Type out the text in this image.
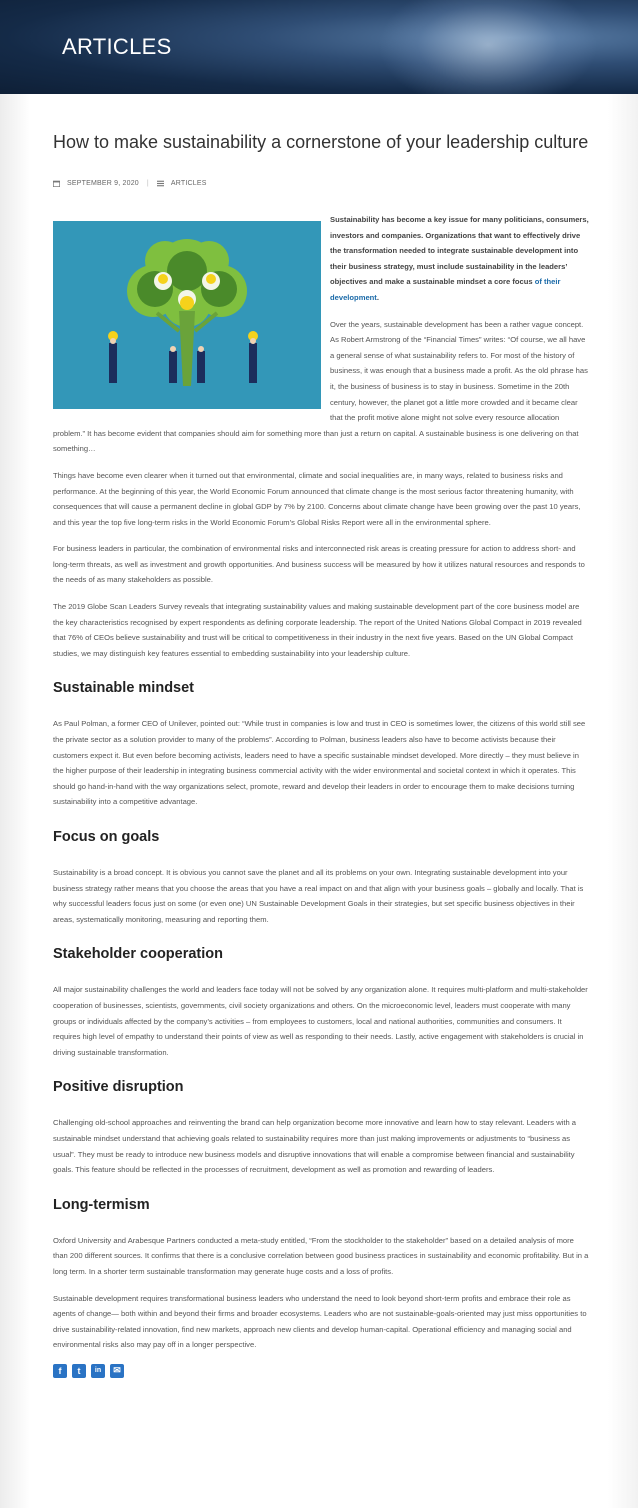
ARTICLES
How to make sustainability a cornerstone of your leadership culture
SEPTEMBER 9, 2020 |	ARTICLES

Sustainability has become a key issue for many politicians, consumers, investors and companies. Organizations that want to effectively drive the transformation needed to integrate sustainable development into their business strategy, must include sustainability in the leaders’ objectives and make a sustainable mindset a core focus of their development.

Over the years, sustainable development has been a rather vague concept. As Robert Armstrong of the “Financial Times” writes: “Of course, we all have a general sense of what sustainability refers to. For most of the history of business, it was enough that a business made a profit. As the old phrase has it, the business of business is to stay in business. Sometime in the 20th century, however, the planet got a little more crowded and it became clear that the profit motive alone might not solve every resource allocation problem.” It has become evident that companies should aim for something more than just a return on capital. A sustainable business is one delivering on that something…

Things have become even clearer when it turned out that environmental, climate and social inequalities are, in many ways, related to business risks and performance. At the beginning of this year, the World Economic Forum announced that climate change is the most serious factor threatening humanity, with consequences that will cause a permanent decline in global GDP by 7% by 2100. Concerns about climate change have been growing over the past 10 years, and this year the top five long-term risks in the World Economic Forum’s Global Risks Report were all in the environmental sphere.

For business leaders in particular, the combination of environmental risks and interconnected risk areas is creating pressure for action to address short- and long-term threats, as well as investment and growth opportunities. And business success will be measured by how it utilizes natural resources and responds to the needs of as many stakeholders as possible.

The 2019 Globe Scan Leaders Survey reveals that integrating sustainability values and making sustainable development part of the core business model are the key characteristics recognised by expert respondents as defining corporate leadership. The report of the United Nations Global Compact in 2019 revealed that 76% of CEOs believe sustainability and trust will be critical to competitiveness in their industry in the next five years. Based on the UN Global Compact studies, we may distinguish key features essential to embedding sustainability into your leadership culture.

Sustainable mindset

As Paul Polman, a former CEO of Unilever, pointed out: “While trust in companies is low and trust in CEO is sometimes lower, the citizens of this world still see the private sector as a solution provider to many of the problems”. According to Polman, business leaders also have to become activists because their customers expect it. But even before becoming activists, leaders need to have a specific sustainable mindset developed. More directly – they must believe in the higher purpose of their leadership in integrating business commercial activity with the wider environmental and societal context in which it operates. This should go hand-in-hand with the way organizations select, promote, reward and develop their leaders in order to encourage them to make decisions turning sustainability into a competitive advantage.

Focus on goals

Sustainability is a broad concept. It is obvious you cannot save the planet and all its problems on your own. Integrating sustainable development into your business strategy rather means that you choose the areas that you have a real impact on and that align with your business goals – globally and locally. That is why successful leaders focus just on some (or even one) UN Sustainable Development Goals in their strategies, but set specific business objectives in their areas, systematically monitoring, measuring and reporting them.

Stakeholder cooperation

All major sustainability challenges the world and leaders face today will not be solved by any organization alone. It requires multi-platform and multi-stakeholder cooperation of businesses, scientists, governments, civil society organizations and others. On the microeconomic level, leaders must cooperate with many groups or individuals affected by the company’s activities – from employees to customers, local and national authorities, communities and consumers. It requires high level of empathy to understand their points of view as well as responding to their needs. Lastly, active engagement with stakeholders is crucial in driving sustainable transformation.

Positive disruption

Challenging old-school approaches and reinventing the brand can help organization become more innovative and learn how to stay relevant. Leaders with a sustainable mindset understand that achieving goals related to sustainability requires more than just making improvements or adjustments to “business as usual”. They must be ready to introduce new business models and disruptive innovations that will enable a compromise between financial and sustainability goals. This feature should be reflected in the processes of recruitment, development as well as promotion and rewarding of leaders.

Long-termism

Oxford University and Arabesque Partners conducted a meta-study entitled, “From the stockholder to the stakeholder” based on a detailed analysis of more than 200 different sources. It confirms that there is a conclusive correlation between good business practices in sustainability and economic profitability. But in a long term. In a shorter term sustainable transformation may generate huge costs and a loss of profits.

Sustainable development requires transformational business leaders who understand the need to look beyond short-term profits and embrace their role as agents of change— both within and beyond their firms and broader ecosystems. Leaders who are not sustainable-goals-oriented may just miss opportunities to drive sustainability-related innovation, find new markets, approach new clients and develop human-capital. Operational efficiency and managing social and environmental risks also may pay off in a longer perspective.

f	t	in	✉
